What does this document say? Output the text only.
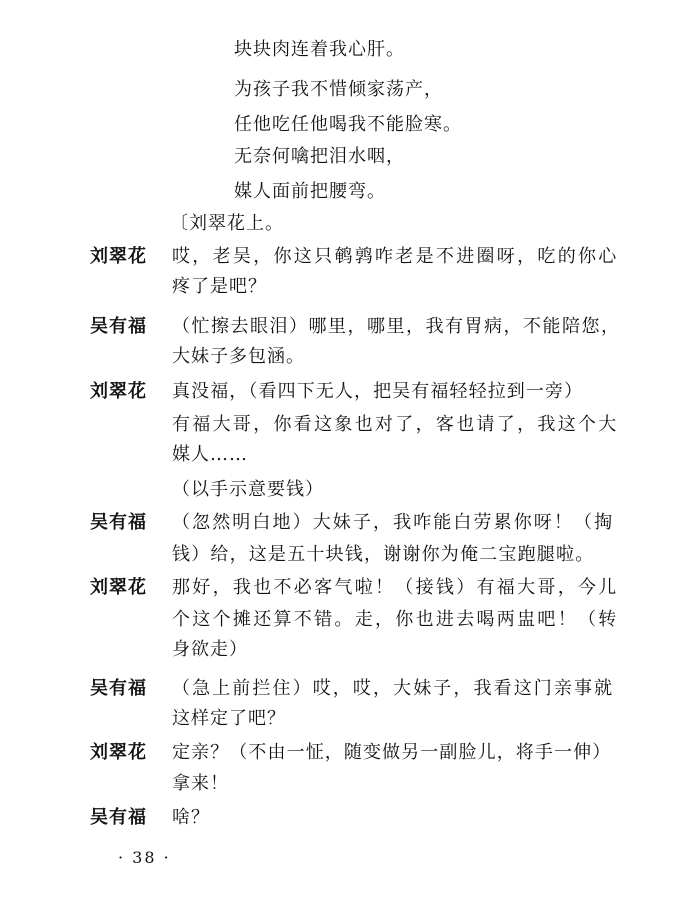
块块肉连着我心肝。
为孩子我不惜倾家荡产，
任他吃任他喝我不能脸寒。
无奈何噙把泪水咽，
媒人面前把腰弯。
〔刘翠花上。
刘翠花 哎，老吴，你这只鹌鹑咋老是不进圈呀，吃的你心
疼了是吧？
吴有福 （忙擦去眼泪）哪里，哪里，我有胃病，不能陪您，
大妹子多包涵。
刘翠花 真没福，（看四下无人，把吴有福轻轻拉到一旁）
有福大哥，你看这象也对了，客也请了，我这个大
媒人……
（以手示意要钱）
吴有福 （忽然明白地）大妹子，我咋能白劳累你呀！（掏
钱）给，这是五十块钱，谢谢你为俺二宝跑腿啦。
刘翠花 那好，我也不必客气啦！（接钱）有福大哥，今儿
个这个摊还算不错。走，你也进去喝两盅吧！（转
身欲走）
吴有福 （急上前拦住）哎，哎，大妹子，我看这门亲事就
这样定了吧？
刘翠花 定亲？（不由一怔，随变做另一副脸儿，将手一伸）
拿来！
吴有福 啥？
· 38 ·
